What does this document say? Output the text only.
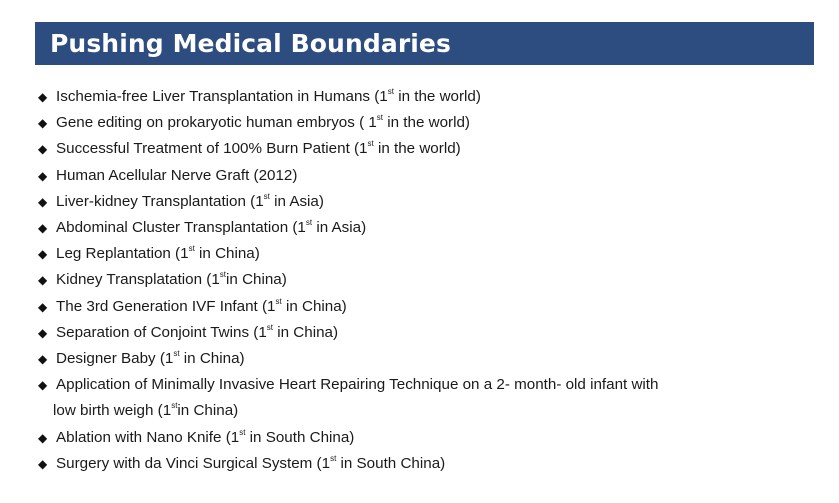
Pushing Medical Boundaries
◆ Ischemia-free Liver Transplantation in Humans (1st in the world)
◆ Gene editing on prokaryotic human embryos ( 1st in the world)
◆ Successful Treatment of 100% Burn Patient (1st in the world)
◆ Human Acellular Nerve Graft (2012)
◆ Liver-kidney Transplantation (1st in Asia)
◆ Abdominal Cluster Transplantation (1st in Asia)
◆ Leg Replantation (1st in China)
◆ Kidney Transplatation (1stin China)
◆ The 3rd Generation IVF Infant (1st in China)
◆ Separation of Conjoint Twins (1st in China)
◆ Designer Baby (1st in China)
◆ Application of Minimally Invasive Heart Repairing Technique on a 2- month- old infant with
low birth weigh (1stin China)
◆ Ablation with Nano Knife (1st in South China)
◆ Surgery with da Vinci Surgical System (1st in South China)
